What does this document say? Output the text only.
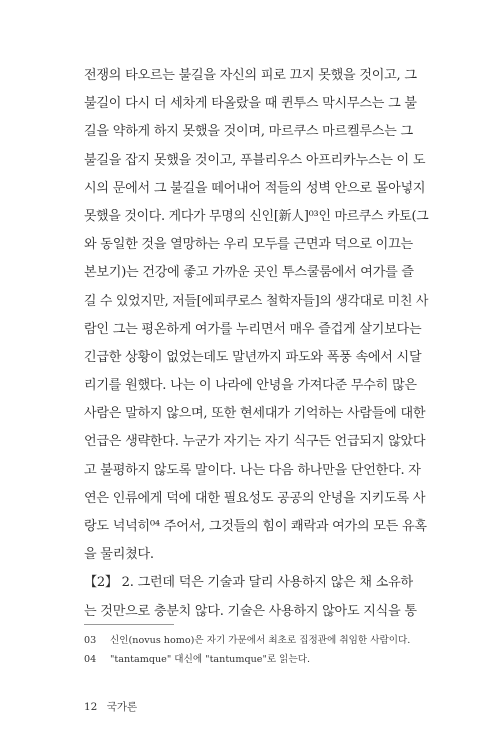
전쟁의 타오르는 불길을 자신의 피로 끄지 못했을 것이고, 그
불길이 다시 더 세차게 타올랐을 때 퀸투스 막시무스는 그 불
길을 약하게 하지 못했을 것이며, 마르쿠스 마르켈루스는 그
불길을 잡지 못했을 것이고, 푸블리우스 아프리카누스는 이 도
시의 문에서 그 불길을 떼어내어 적들의 성벽 안으로 몰아넣지
못했을 것이다. 게다가 무명의 신인[新人]⁰³인 마르쿠스 카토(그
와 동일한 것을 열망하는 우리 모두를 근면과 덕으로 이끄는
본보기)는 건강에 좋고 가까운 곳인 투스쿨룸에서 여가를 즐
길 수 있었지만, 저들[에피쿠로스 철학자들]의 생각대로 미친 사
람인 그는 평온하게 여가를 누리면서 매우 즐겁게 살기보다는
긴급한 상황이 없었는데도 말년까지 파도와 폭풍 속에서 시달
리기를 원했다. 나는 이 나라에 안녕을 가져다준 무수히 많은
사람은 말하지 않으며, 또한 현세대가 기억하는 사람들에 대한
언급은 생략한다. 누군가 자기는 자기 식구든 언급되지 않았다
고 불평하지 않도록 말이다. 나는 다음 하나만을 단언한다. 자
연은 인류에게 덕에 대한 필요성도 공공의 안녕을 지키도록 사
랑도 넉넉히⁰⁴ 주어서, 그것들의 힘이 쾌락과 여가의 모든 유혹
을 물리쳤다.
【2】 2. 그런데 덕은 기술과 달리 사용하지 않은 채 소유하
는 것만으로 충분치 않다. 기술은 사용하지 않아도 지식을 통
03 신인(novus homo)은 자기 가문에서 최초로 집정관에 취임한 사람이다.
04 "tantamque" 대신에 "tantumque"로 읽는다.
12 국가론
